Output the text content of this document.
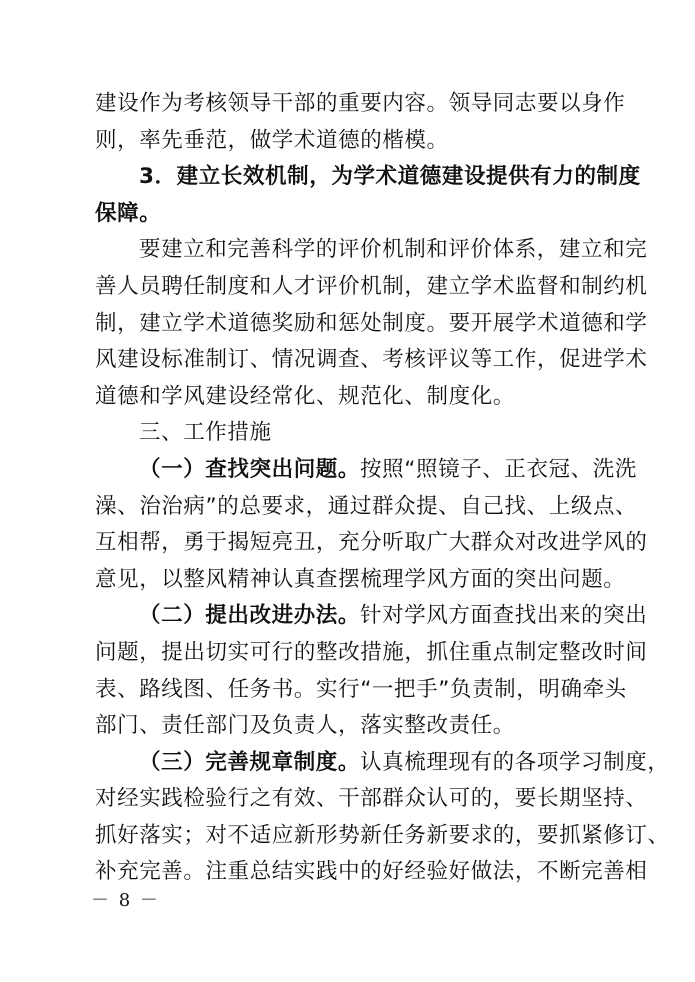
建设作为考核领导干部的重要内容。领导同志要以身作
则，率先垂范，做学术道德的楷模。
3．建立长效机制，为学术道德建设提供有力的制度
保障。
要建立和完善科学的评价机制和评价体系，建立和完
善人员聘任制度和人才评价机制，建立学术监督和制约机
制，建立学术道德奖励和惩处制度。要开展学术道德和学
风建设标准制订、情况调查、考核评议等工作，促进学术
道德和学风建设经常化、规范化、制度化。
三、工作措施
（一）查找突出问题。按照“照镜子、正衣冠、洗洗
澡、治治病”的总要求，通过群众提、自己找、上级点、
互相帮，勇于揭短亮丑，充分听取广大群众对改进学风的
意见，以整风精神认真查摆梳理学风方面的突出问题。
（二）提出改进办法。针对学风方面查找出来的突出
问题，提出切实可行的整改措施，抓住重点制定整改时间
表、路线图、任务书。实行“一把手”负责制，明确牵头
部门、责任部门及负责人，落实整改责任。
（三）完善规章制度。认真梳理现有的各项学习制度，
对经实践检验行之有效、干部群众认可的，要长期坚持、
抓好落实；对不适应新形势新任务新要求的，要抓紧修订、
补充完善。注重总结实践中的好经验好做法，不断完善相
－ 8 －
